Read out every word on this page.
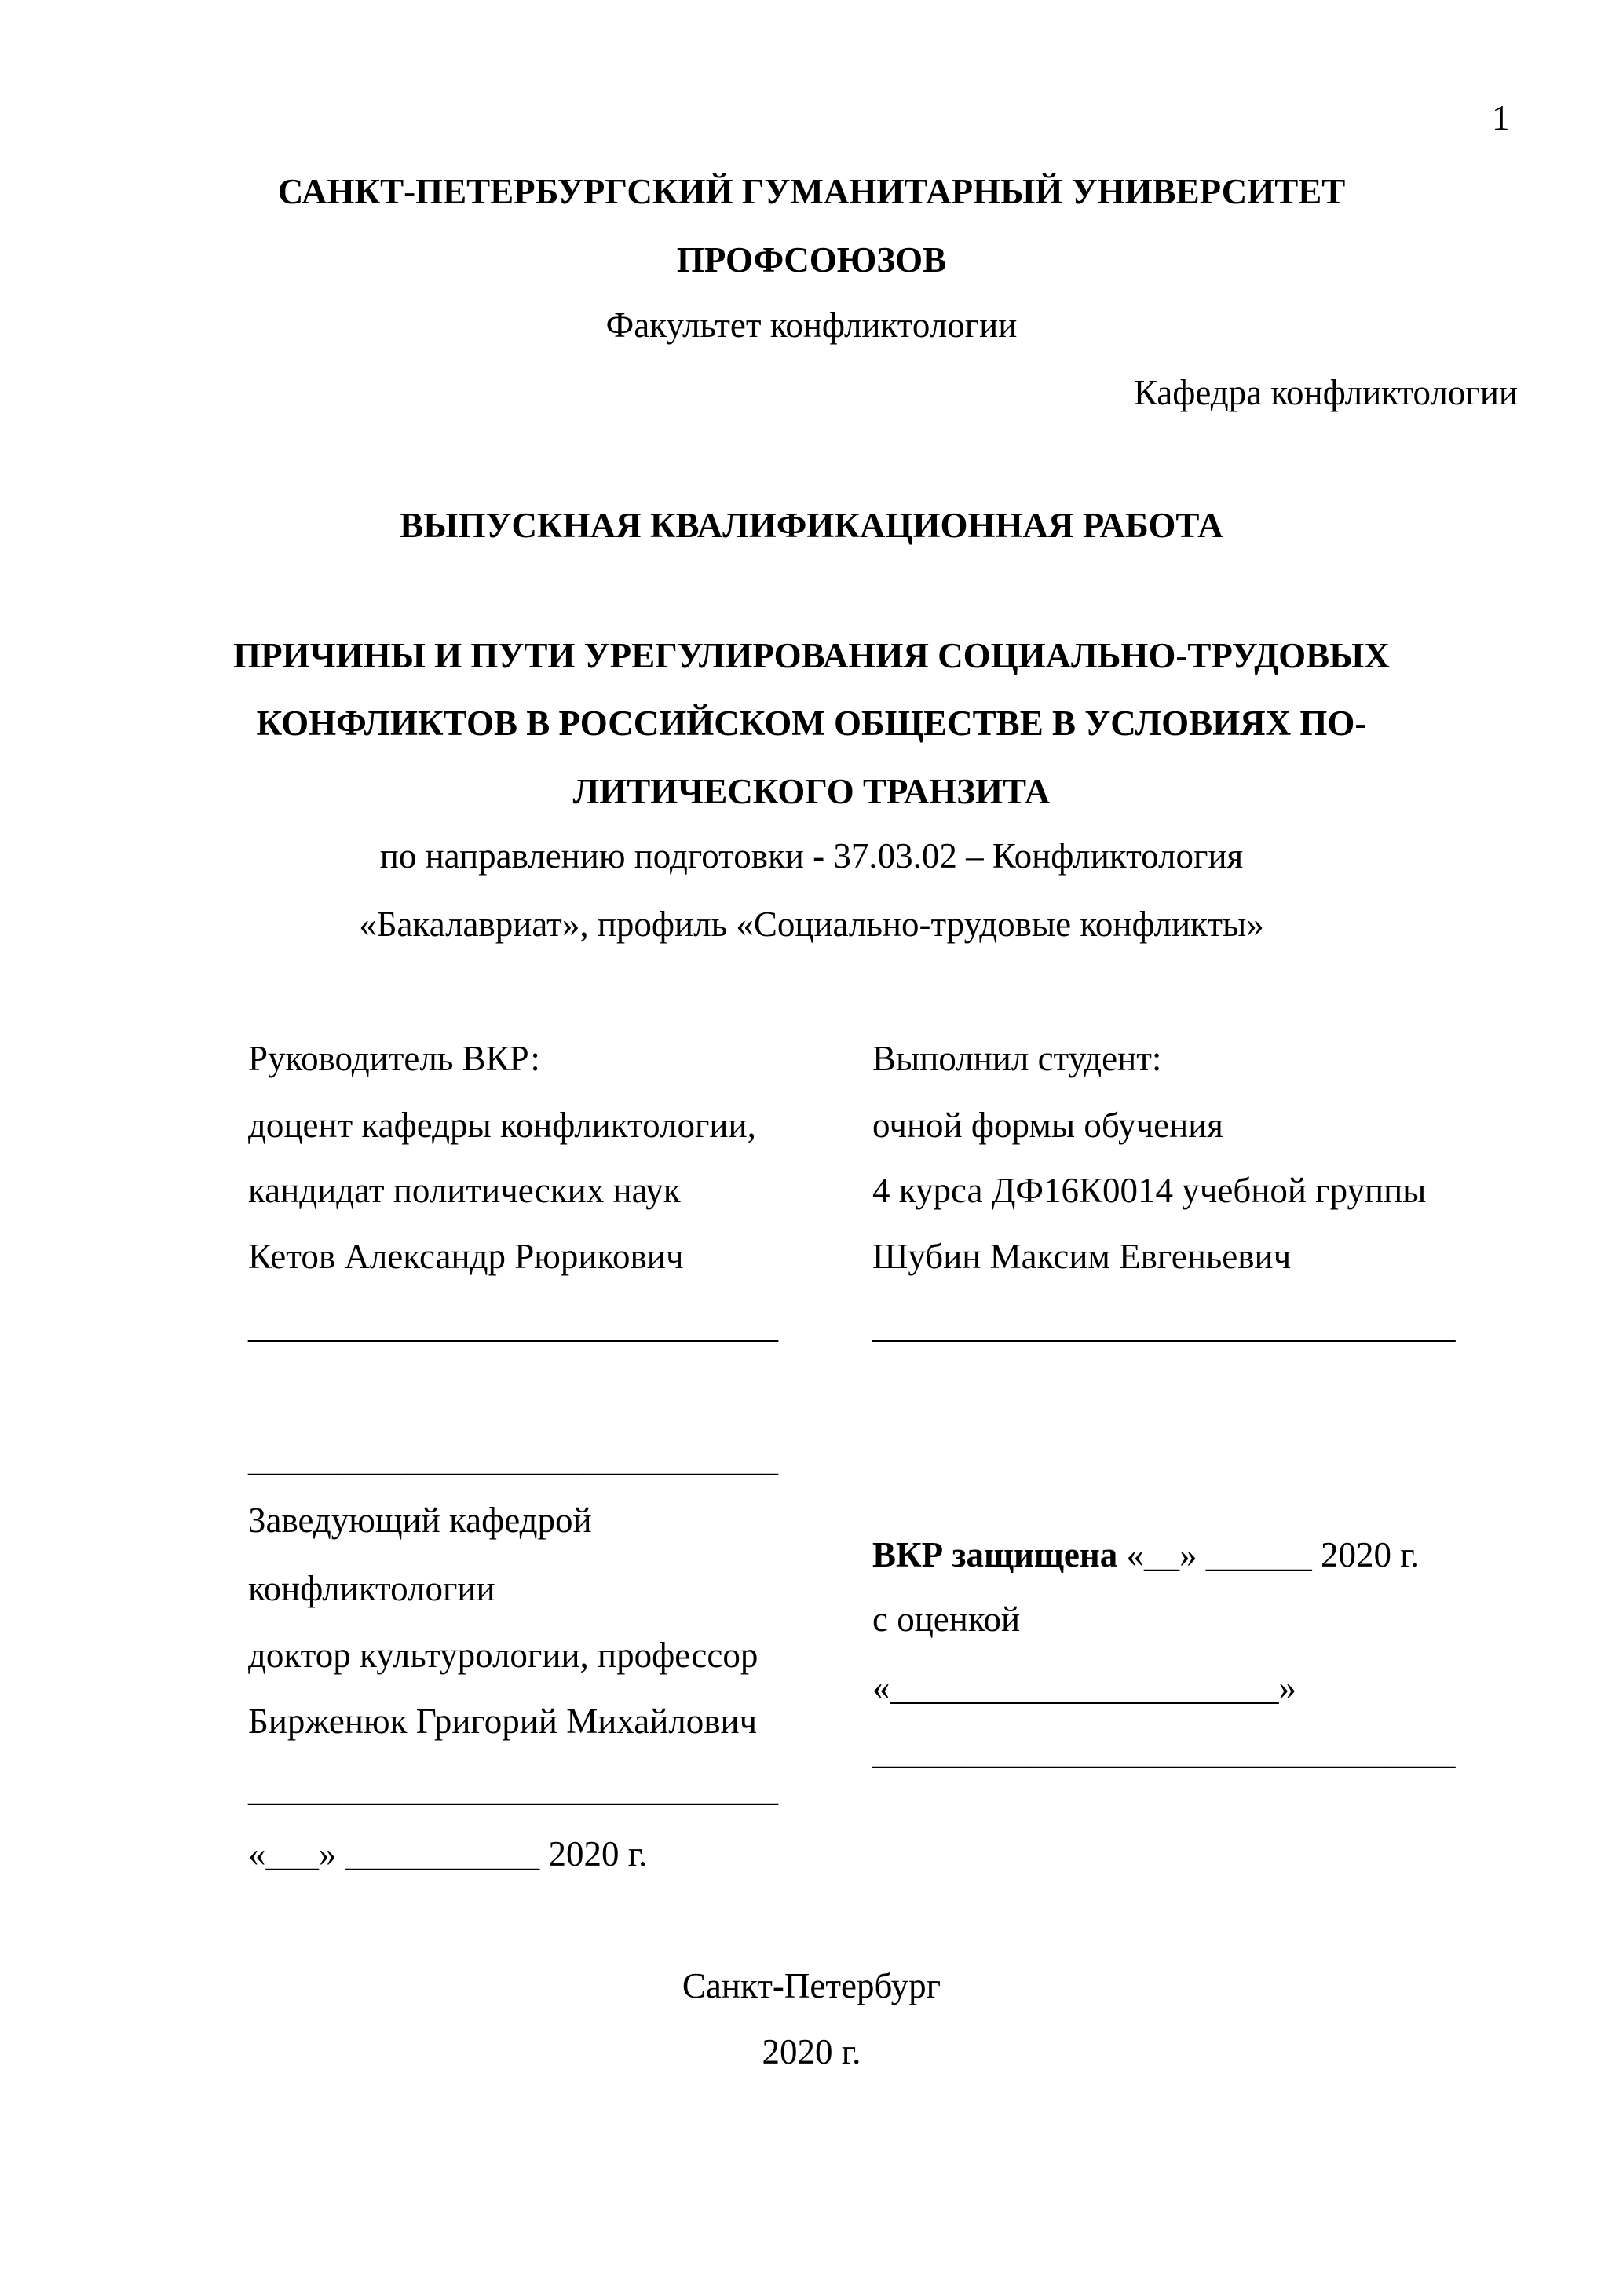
1
САНКТ-ПЕТЕРБУРГСКИЙ ГУМАНИТАРНЫЙ УНИВЕРСИТЕТ
ПРОФСОЮЗОВ
Факультет конфликтологии
Кафедра конфликтологии
ВЫПУСКНАЯ КВАЛИФИКАЦИОННАЯ РАБОТА
ПРИЧИНЫ И ПУТИ УРЕГУЛИРОВАНИЯ СОЦИАЛЬНО-ТРУДОВЫХ
КОНФЛИКТОВ В РОССИЙСКОМ ОБЩЕСТВЕ В УСЛОВИЯХ ПО-
ЛИТИЧЕСКОГО ТРАНЗИТА
по направлению подготовки - 37.03.02 – Конфликтология
«Бакалавриат», профиль «Социально-трудовые конфликты»
Руководитель ВКР:
доцент кафедры конфликтологии,
кандидат политических наук
Кетов Александр Рюрикович
______________________________
Выполнил студент:
очной формы обучения
4 курса ДФ16К0014 учебной группы
Шубин Максим Евгеньевич
_________________________________
______________________________
Заведующий кафедрой
конфликтологии
доктор культурологии, профессор
Бирженюк Григорий Михайлович
______________________________
«___» ___________ 2020 г.
ВКР защищена «__» ______ 2020 г.
с оценкой
«______________________»
_________________________________
Санкт-Петербург
2020 г.
